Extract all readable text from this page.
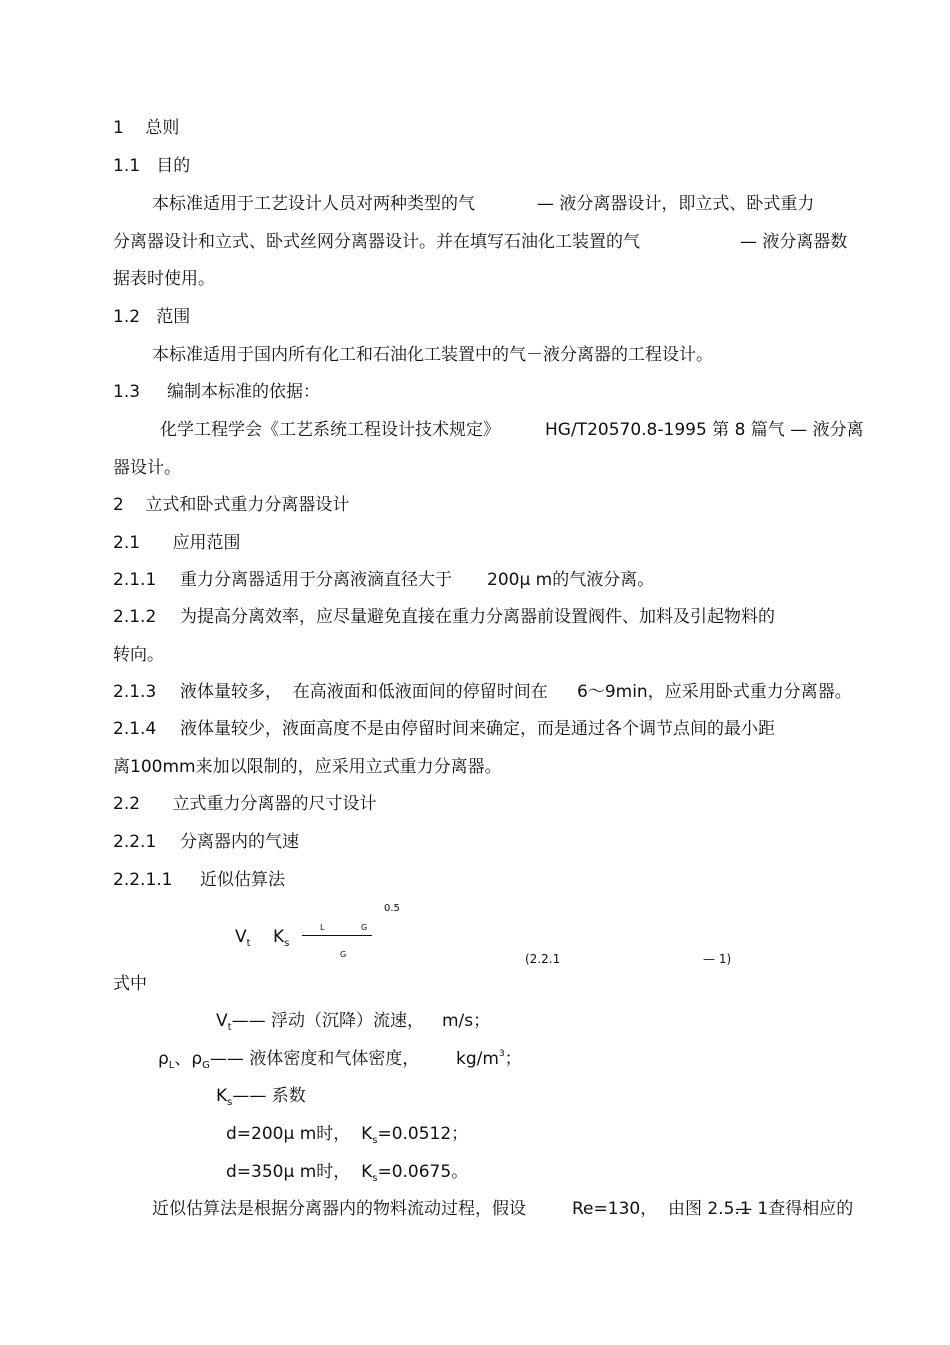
1    总则
1.1   目的
本标准适用于工艺设计人员对两种类型的气	— 液分离器设计，即立式、卧式重力
分离器设计和立式、卧式丝网分离器设计。并在填写石油化工装置的气	— 液分离器数
据表时使用。
1.2   范围
本标准适用于国内所有化工和石油化工装置中的气－液分离器的工程设计。
1.3     编制本标准的依据：
化学工程学会《工艺系统工程设计技术规定》	HG/T20570.8-1995 第 8 篇气 — 液分离
器设计。
2    立式和卧式重力分离器设计
2.1      应用范围
2.1.1 重力分离器适用于分离液滴直径大于 200μ m的气液分离。
2.1.2 为提高分离效率，应尽量避免直接在重力分离器前设置阀件、加料及引起物料的
转向。
2.1.3 液体量较多，  在高液面和低液面间的停留时间在 6～9min，应采用卧式重力分离器。
2.1.4 液体量较少，液面高度不是由停留时间来确定，而是通过各个调节点间的最小距
离100mm来加以限制的，应采用立式重力分离器。
2.2      立式重力分离器的尺寸设计
2.2.1 分离器内的气速
2.2.1.1 近似估算法
0.5
$V_t$ $K_s$
L	G
G	(2.2.1	— 1)
式中
$V_t——$ 浮动（沉降）流速， m/s；
$\rho_L$、$\rho_G——$ 液体密度和气体密度， $kg/m^3$；
$K_s——$ 系数
d=200μ m时，  $K_s=0.0512$；
d=350μ m时，  $K_s=0.0675$。
近似估算法是根据分离器内的物料流动过程，假设	Re=130，  由图 2.5.1
— 1查得相应的
